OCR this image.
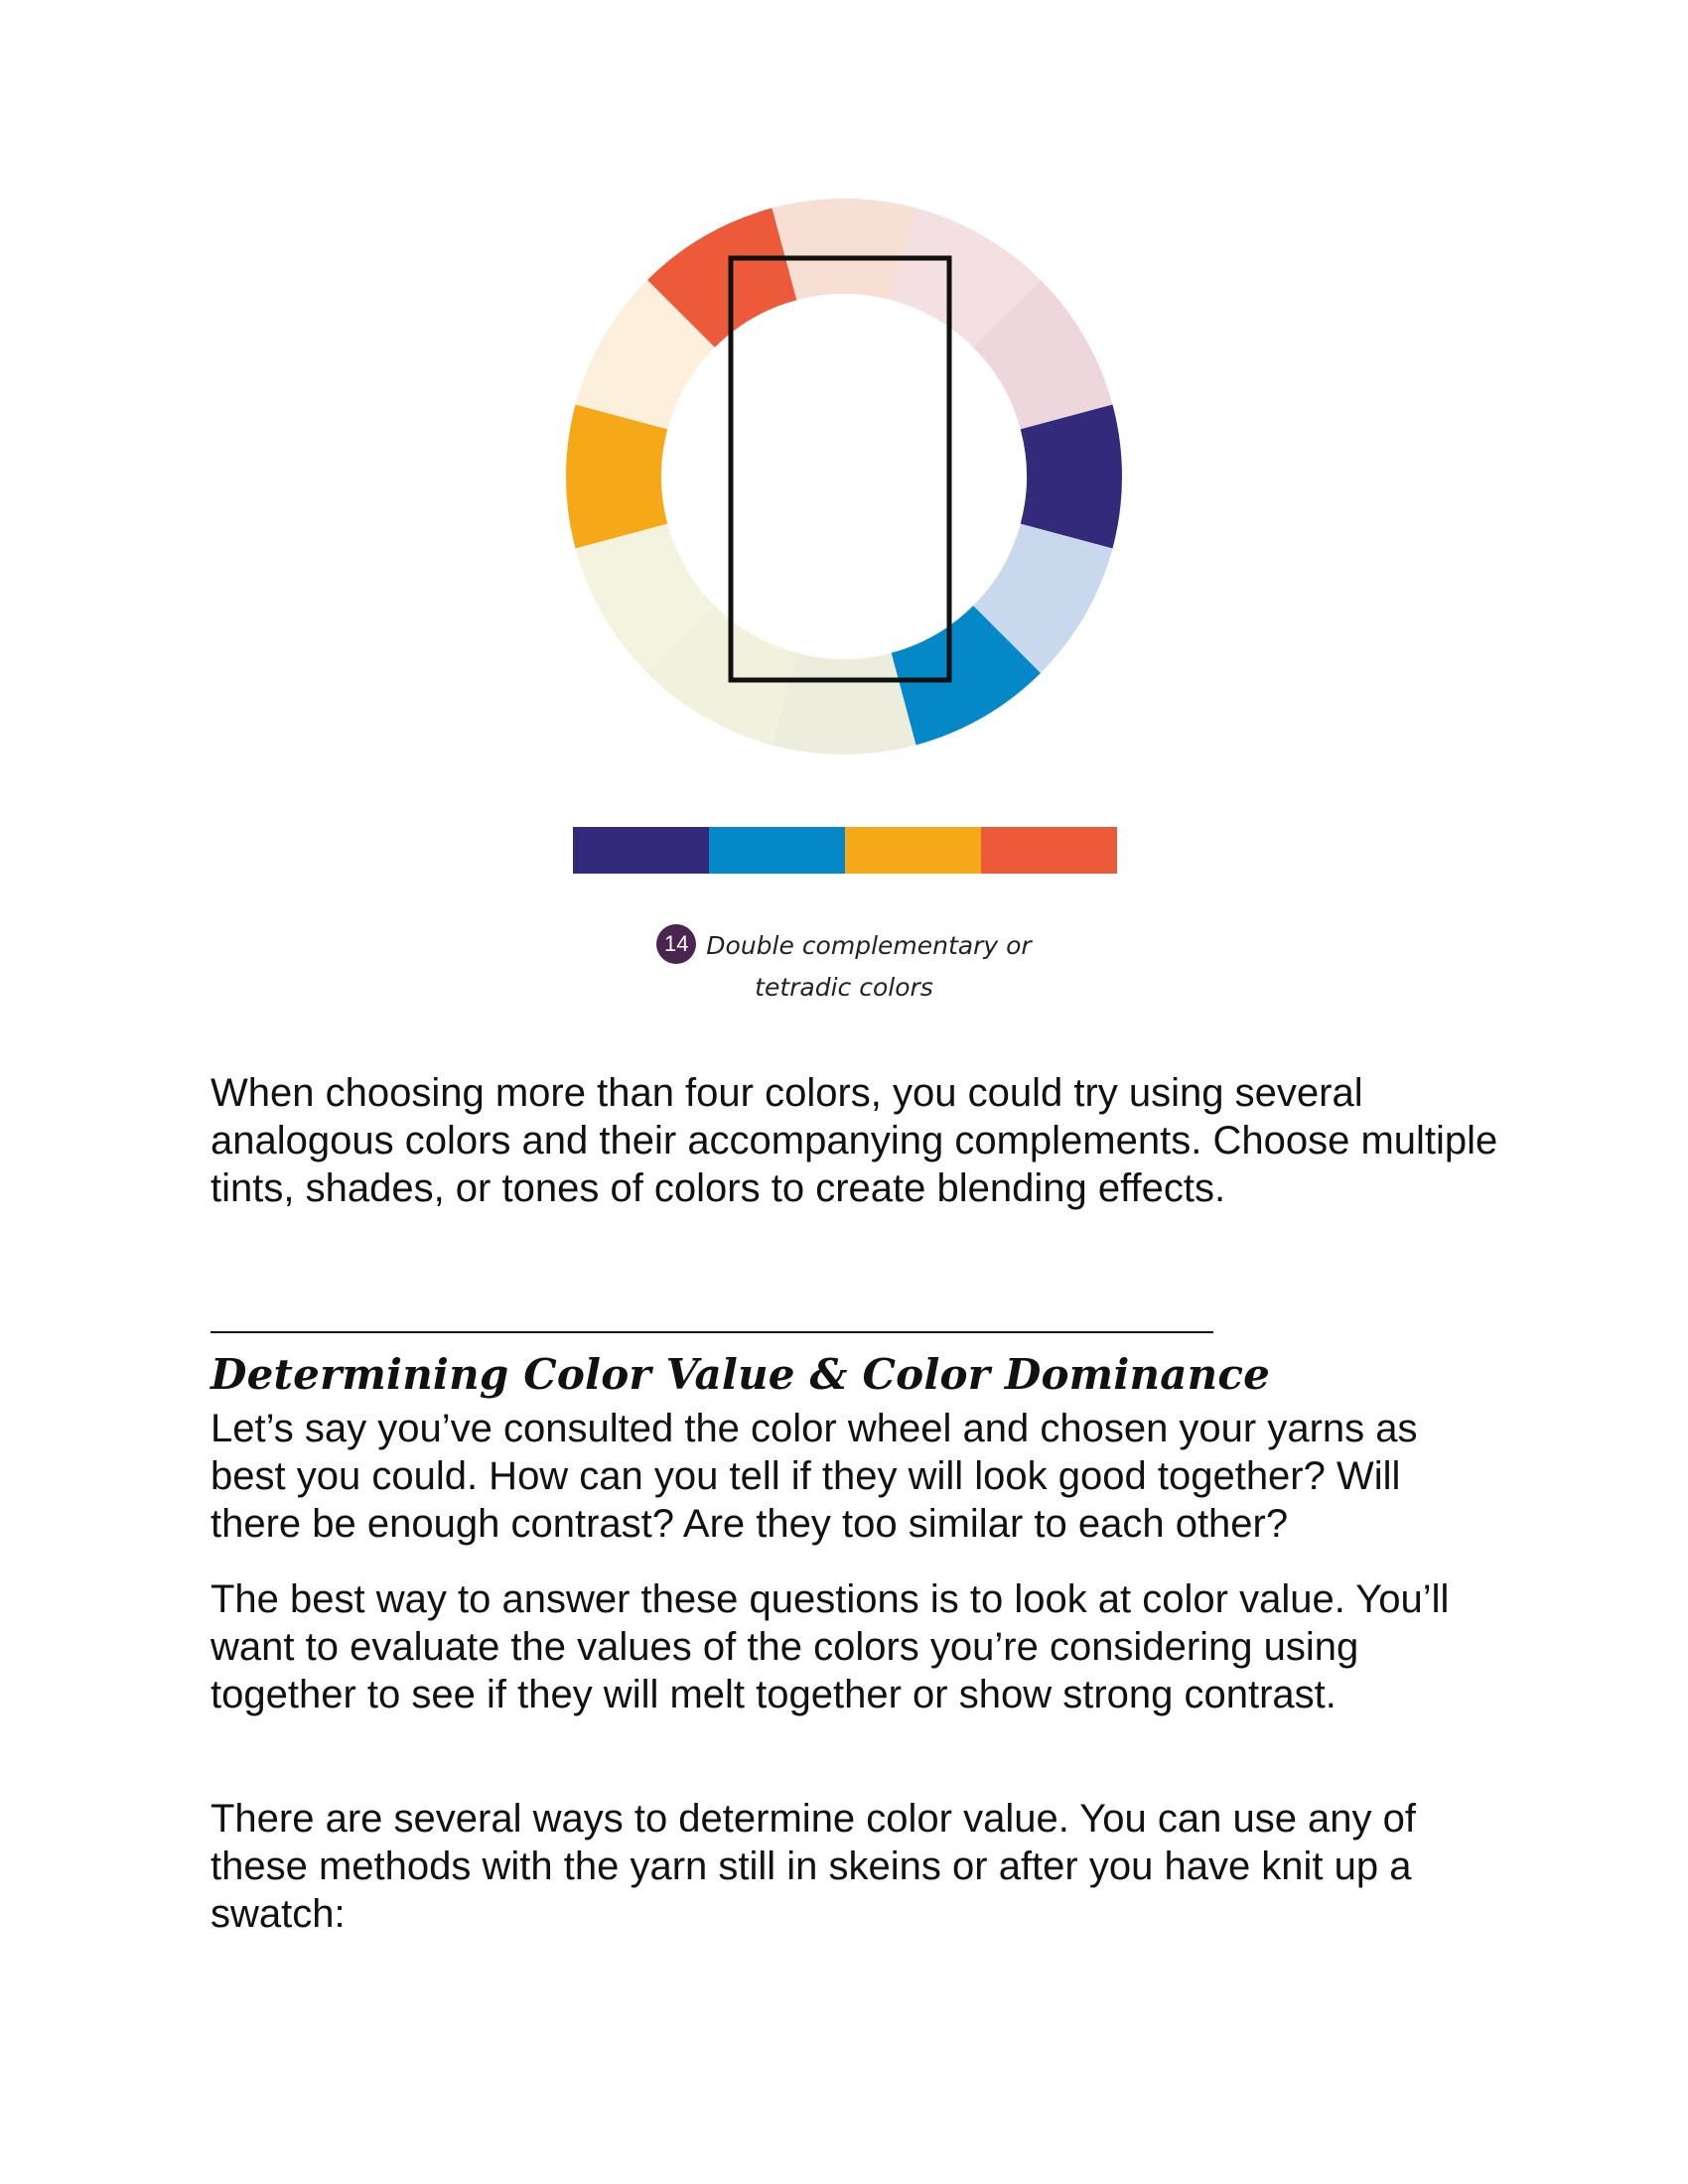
14 Double complementary or
tetradic colors

When choosing more than four colors, you could try using several analogous colors and their accompanying complements. Choose multiple tints, shades, or tones of colors to create blending effects.

Determining Color Value & Color Dominance

Let’s say you’ve consulted the color wheel and chosen your yarns as best you could. How can you tell if they will look good together? Will there be enough contrast? Are they too similar to each other?

The best way to answer these questions is to look at color value. You’ll want to evaluate the values of the colors you’re considering using together to see if they will melt together or show strong contrast.

There are several ways to determine color value. You can use any of these methods with the yarn still in skeins or after you have knit up a swatch:
